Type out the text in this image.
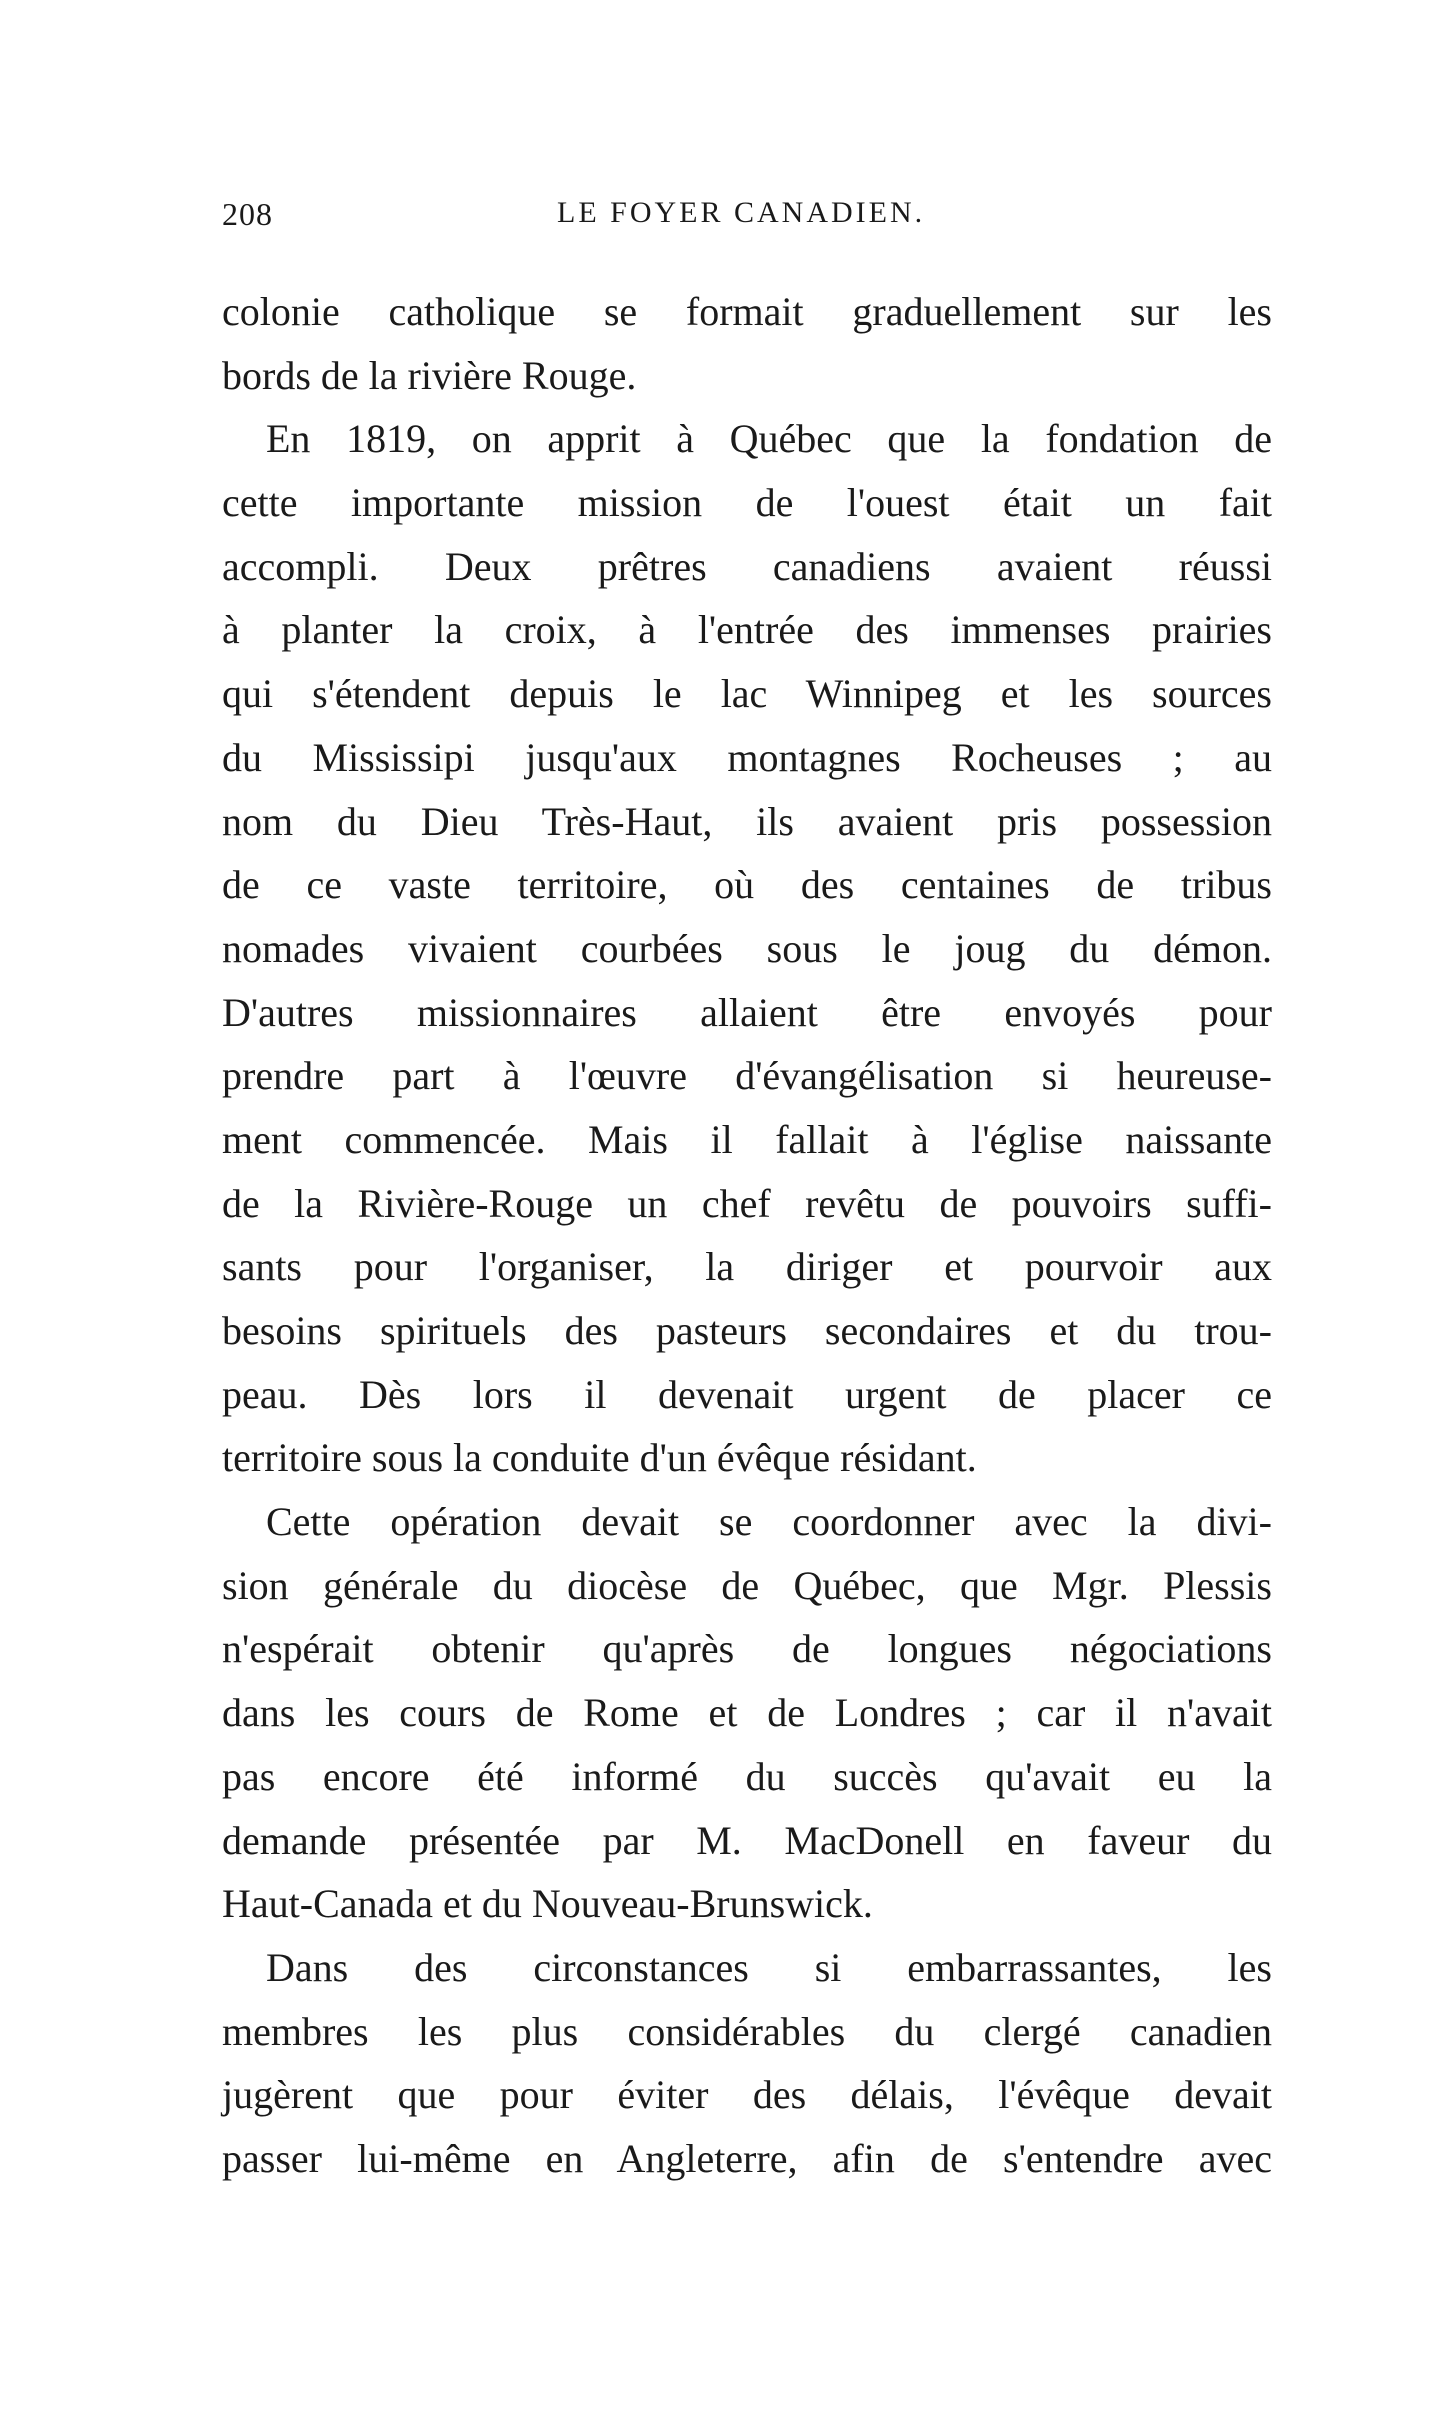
208	LE FOYER CANADIEN.
colonie catholique se formait graduellement sur les
bords de la rivière Rouge.
En 1819, on apprit à Québec que la fondation de
cette importante mission de l'ouest était un fait
accompli. Deux prêtres canadiens avaient réussi
à planter la croix, à l'entrée des immenses prairies
qui s'étendent depuis le lac Winnipeg et les sources
du Mississipi jusqu'aux montagnes Rocheuses ; au
nom du Dieu Très-Haut, ils avaient pris possession
de ce vaste territoire, où des centaines de tribus
nomades vivaient courbées sous le joug du démon.
D'autres missionnaires allaient être envoyés pour
prendre part à l'œuvre d'évangélisation si heureuse-
ment commencée. Mais il fallait à l'église naissante
de la Rivière-Rouge un chef revêtu de pouvoirs suffi-
sants pour l'organiser, la diriger et pourvoir aux
besoins spirituels des pasteurs secondaires et du trou-
peau. Dès lors il devenait urgent de placer ce
territoire sous la conduite d'un évêque résidant.
Cette opération devait se coordonner avec la divi-
sion générale du diocèse de Québec, que Mgr. Plessis
n'espérait obtenir qu'après de longues négociations
dans les cours de Rome et de Londres ; car il n'avait
pas encore été informé du succès qu'avait eu la
demande présentée par M. MacDonell en faveur du
Haut-Canada et du Nouveau-Brunswick.
Dans des circonstances si embarrassantes, les
membres les plus considérables du clergé canadien
jugèrent que pour éviter des délais, l'évêque devait
passer lui-même en Angleterre, afin de s'entendre avec
